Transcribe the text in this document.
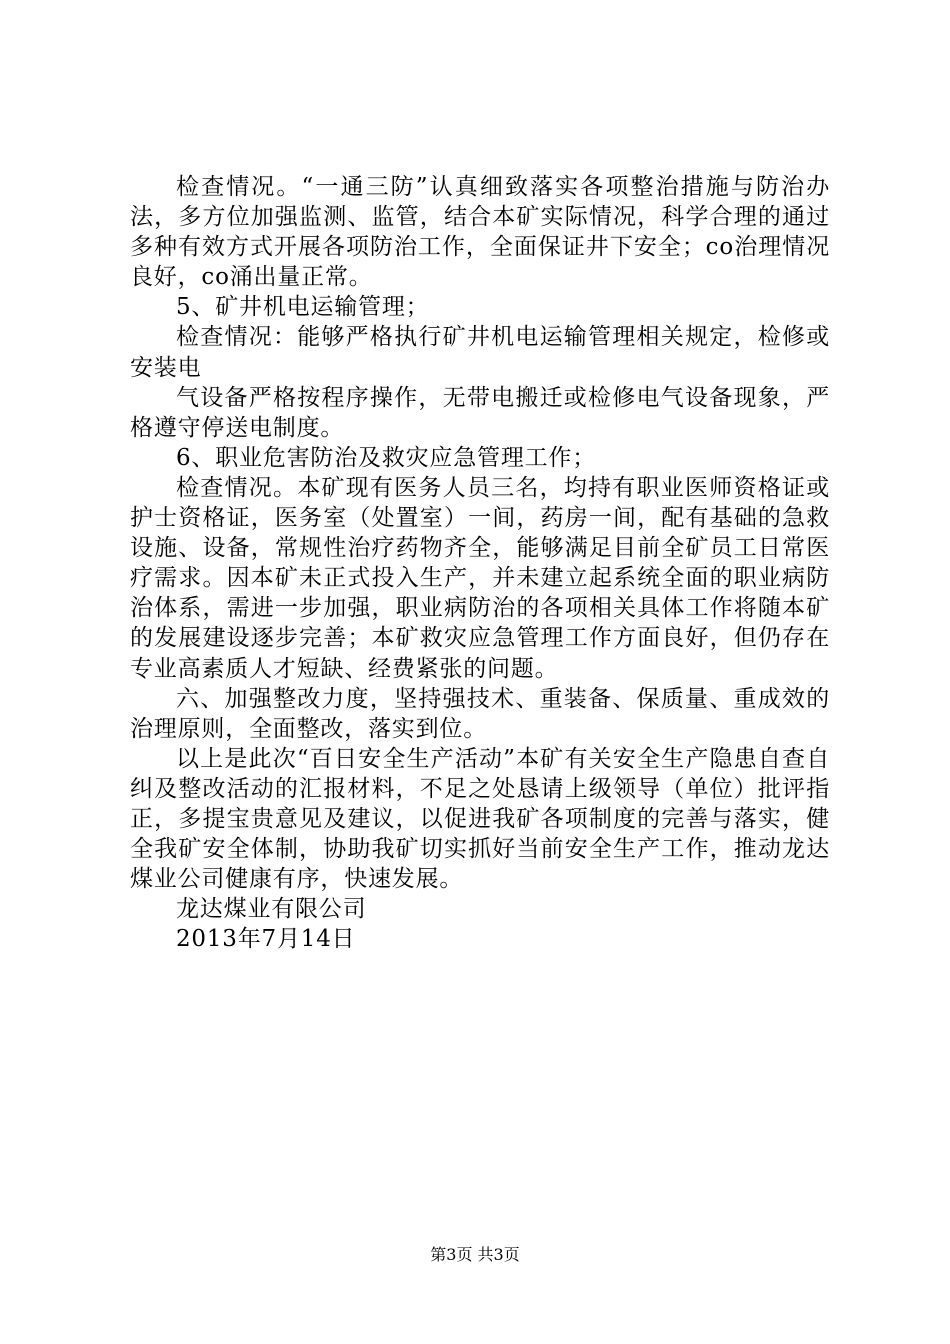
检查情况。“一通三防”认真细致落实各项整治措施与防治办法，多方位加强监测、监管，结合本矿实际情况，科学合理的通过多种有效方式开展各项防治工作，全面保证井下安全；co治理情况良好，co涌出量正常。

5、矿井机电运输管理；

检查情况：能够严格执行矿井机电运输管理相关规定，检修或安装电

气设备严格按程序操作，无带电搬迁或检修电气设备现象，严格遵守停送电制度。

6、职业危害防治及救灾应急管理工作；

检查情况。本矿现有医务人员三名，均持有职业医师资格证或护士资格证，医务室（处置室）一间，药房一间，配有基础的急救设施、设备，常规性治疗药物齐全，能够满足目前全矿员工日常医疗需求。因本矿未正式投入生产，并未建立起系统全面的职业病防治体系，需进一步加强，职业病防治的各项相关具体工作将随本矿的发展建设逐步完善；本矿救灾应急管理工作方面良好，但仍存在专业高素质人才短缺、经费紧张的问题。

六、加强整改力度，坚持强技术、重装备、保质量、重成效的治理原则，全面整改，落实到位。

以上是此次“百日安全生产活动”本矿有关安全生产隐患自查自纠及整改活动的汇报材料，不足之处恳请上级领导（单位）批评指正，多提宝贵意见及建议，以促进我矿各项制度的完善与落实，健全我矿安全体制，协助我矿切实抓好当前安全生产工作，推动龙达煤业公司健康有序，快速发展。

龙达煤业有限公司

2013年7月14日

第3页 共3页
